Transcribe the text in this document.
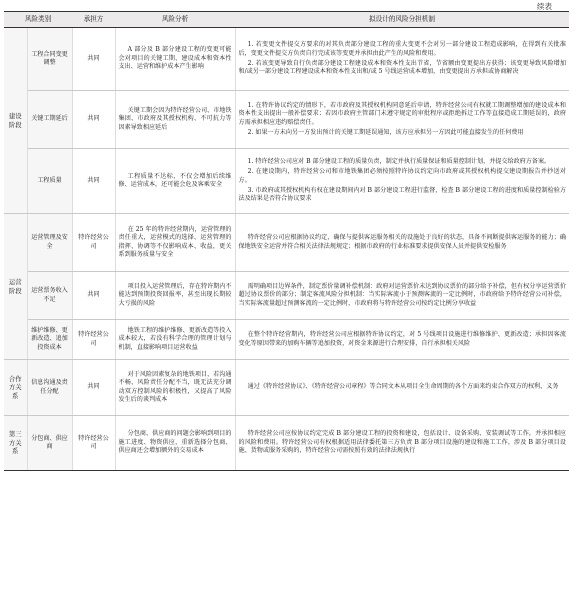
续表
风险类别		承担方	风险分析	拟设计的风险分担机制
建设阶段	工程合同变更调整	共同	A 部分及 B 部分建设工程的变更可能会对项目的关键工期、建设成本和资本性支出、运营和维护成本产生影响	1. 若变更文件提交方要求的对其负责部分建设工程的重大变更不会对另一部分建设工程造成影响，在得到有关批准后，变更文件提交方负责自行完成该等变更并承担由此产生的风险和费用。

2. 若该变更导致自行负责部分建设工程建设成本和资本性支出节省，节省额由变更提出方获得；该变更导致风险增加和/或另一部分建设工程建设成本和资本性支出和/或 5 号线运营成本增加，由变更提出方承担或协商解决

	关键工期延后	共同	关键工期会因为特许经营公司、市地铁集团、市政府及其授权机构、不可抗力等因素导致相应延后	1. 在特许协议约定的情形下，若市政府及其授权机构同意延后申请，特许经营公司有权就工期调整增加的建设成本和资本性支出提出一般补偿要求；若因市政府主管部门未遵守规定的审批程序或拒绝拆迁工作等直接造成工期延误的，政府方需承担相应违约赔偿责任。

2. 如果一方未向另一方发出预计的关键工期延误通知，该方应承担另一方因此可能直接发生的任何费用

	工程质量	共同	工程质量不达标，不仅会增加后续维修、运营成本，还可能会危及客乘安全	1. 特许经营公司应对 B 部分建设工程的质量负责，制定并执行质量保证和质量控制计划，并提交给政府方备案。

2. 在建设期内，特许经营公司和市地铁集团必须按照特许协议约定向市政府或其授权机构提交建设期报告并抄送对方。

3. 市政府或其授权机构有权在建设期间内对 B 部分建设工程进行监督，检查 B 部分建设工程的进度和质量控制检验方法及结果是否符合协议要求

运营阶段	运营管理及安全	特许经营公司	在 25 年的特许经营期内，运营管理的责任重大，运营模式的选择、运营管理的指挥、协调等不仅影响成本、收益，更关系到服务质量与安全	特许经营公司应根据协议约定，确保与提供客运服务相关的设施处于良好的状态，具备不间断提供客运服务的能力；确保地铁安全运营并符合相关法律法规规定；根据市政府的行业标准要求提供安保人员并提供安检服务

	运营票务收入不足	共同	项目投入运营管理后，存在特许期内不能达到预期投资回报率，甚至出现长期较大亏损的风险	需明确项目边界条件，制定票价量调补偿机制：政府对运营票价未达到协议票价的部分给予补偿，但有权分享运营票价超过协议票价的部分；制定客流风险分担机制：当实际客流小于预测客流的一定比例时，市政府给予特许经营公司补偿，当实际客流量超过预测客流的一定比例时，市政府将与特许经营公司按约定比例分享收益

	维护维修、更新改造、追加投资成本	特许经营公司	地铁工程的维护维修、更新改造等投入成本较大，若没有科学合理的管理计划与机制，直接影响项目运营收益	在整个特许经营期内，特许经营公司应根据特许协议约定，对 5 号线项目设施进行维修维护、更新改造；承担因客流变化等原因带来的加购车辆等追加投资，对资金来源进行合理安排，自行承担相关风险

合作方关系	信息沟通及责任分配	共同	对于风险因素复杂的地铁项目，若沟通不畅、风险责任分配不当，既无法充分调动双方控制风险的积极性，又提高了风险发生后的谈判成本	通过《特许经营协议》、《特许经营公司章程》等合同文本从项目全生命周期的各个方面来约束合作双方的权利、义务

第三方关系	分包商、供应商	特许经营公司	分包商、供应商的问题会影响到项目的施工进度、物资供应，重新选择分包商、供应商还会增加额外的交易成本	特许经营公司应按协议约定完成 B 部分建设工程的投资和建设，包括设计、设备采购、安装调试等工作，并承担相应的风险和费用。特许经营公司有权根据适用法律委托第三方负责 B 部分项目设施的建设和施工工作，涉及 B 部分项目设施、货物或服务采购的，特许经营公司需按照有效的法律法规执行
